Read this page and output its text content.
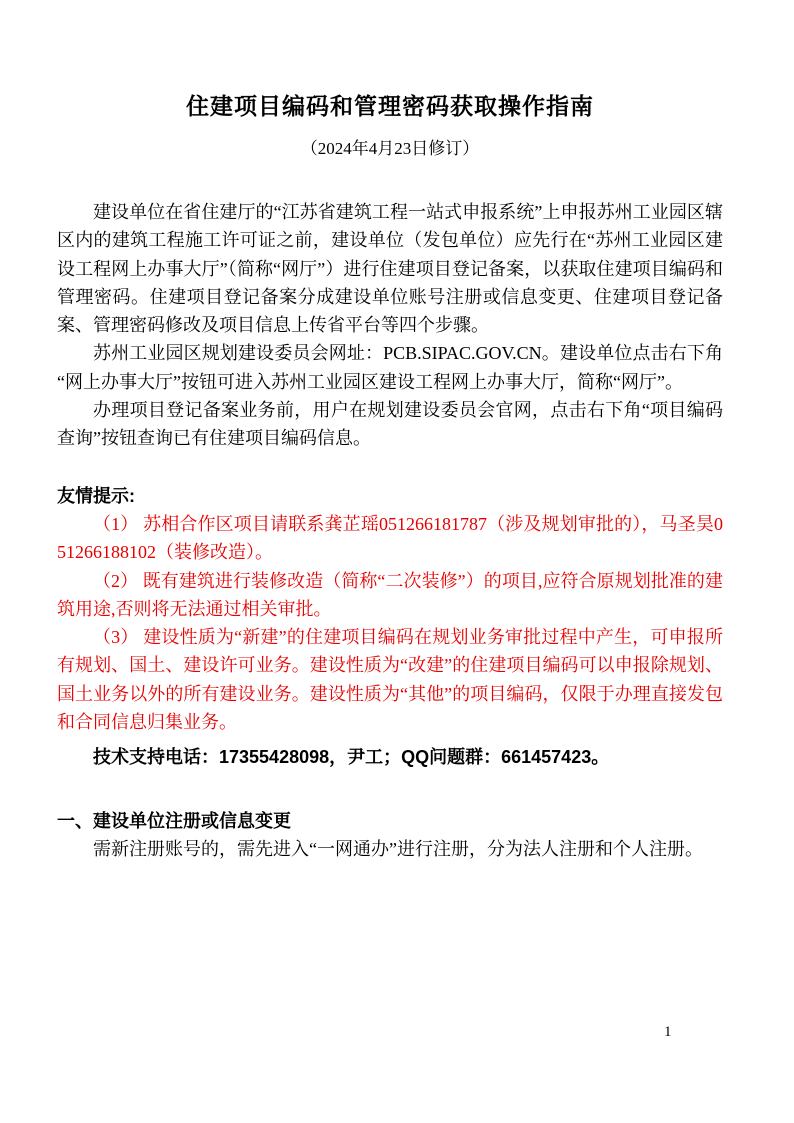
住建项目编码和管理密码获取操作指南
（2024年4月23日修订）

建设单位在省住建厅的“江苏省建筑工程一站式申报系统”上申报苏州工业园区辖区内的建筑工程施工许可证之前，建设单位（发包单位）应先行在“苏州工业园区建设工程网上办事大厅”（简称“网厅”）进行住建项目登记备案，以获取住建项目编码和管理密码。住建项目登记备案分成建设单位账号注册或信息变更、住建项目登记备案、管理密码修改及项目信息上传省平台等四个步骤。

苏州工业园区规划建设委员会网址：PCB.SIPAC.GOV.CN。建设单位点击右下角“网上办事大厅”按钮可进入苏州工业园区建设工程网上办事大厅，简称“网厅”。

办理项目登记备案业务前，用户在规划建设委员会官网，点击右下角“项目编码查询”按钮查询已有住建项目编码信息。

友情提示:

（1） 苏相合作区项目请联系龚芷瑶051266181787（涉及规划审批的），马圣昊051266188102（装修改造）。

（2） 既有建筑进行装修改造（简称“二次装修”）的项目,应符合原规划批准的建筑用途,否则将无法通过相关审批。

（3） 建设性质为“新建”的住建项目编码在规划业务审批过程中产生，可申报所有规划、国土、建设许可业务。建设性质为“改建”的住建项目编码可以申报除规划、国土业务以外的所有建设业务。建设性质为“其他”的项目编码，仅限于办理直接发包和合同信息归集业务。

技术支持电话：17355428098，尹工；QQ问题群：661457423。

一、建设单位注册或信息变更

需新注册账号的，需先进入“一网通办”进行注册，分为法人注册和个人注册。

1
